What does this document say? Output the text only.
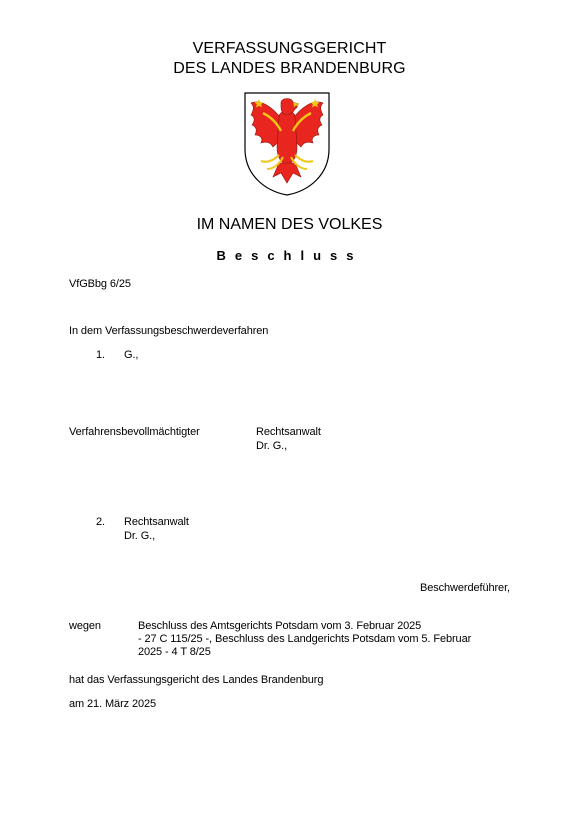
VERFASSUNGSGERICHT
DES LANDES BRANDENBURG
IM NAMEN DES VOLKES
Beschluss
VfGBbg 6/25
In dem Verfassungsbeschwerdeverfahren
1. G.,
Verfahrensbevollmächtigter	Rechtsanwalt
Dr. G.,
2. Rechtsanwalt
Dr. G.,
Beschwerdeführer,
wegen	Beschluss des Amtsgerichts Potsdam vom 3. Februar 2025
- 27 C 115/25 -, Beschluss des Landgerichts Potsdam vom 5. Februar
2025 - 4 T 8/25
hat das Verfassungsgericht des Landes Brandenburg
am 21. März 2025
